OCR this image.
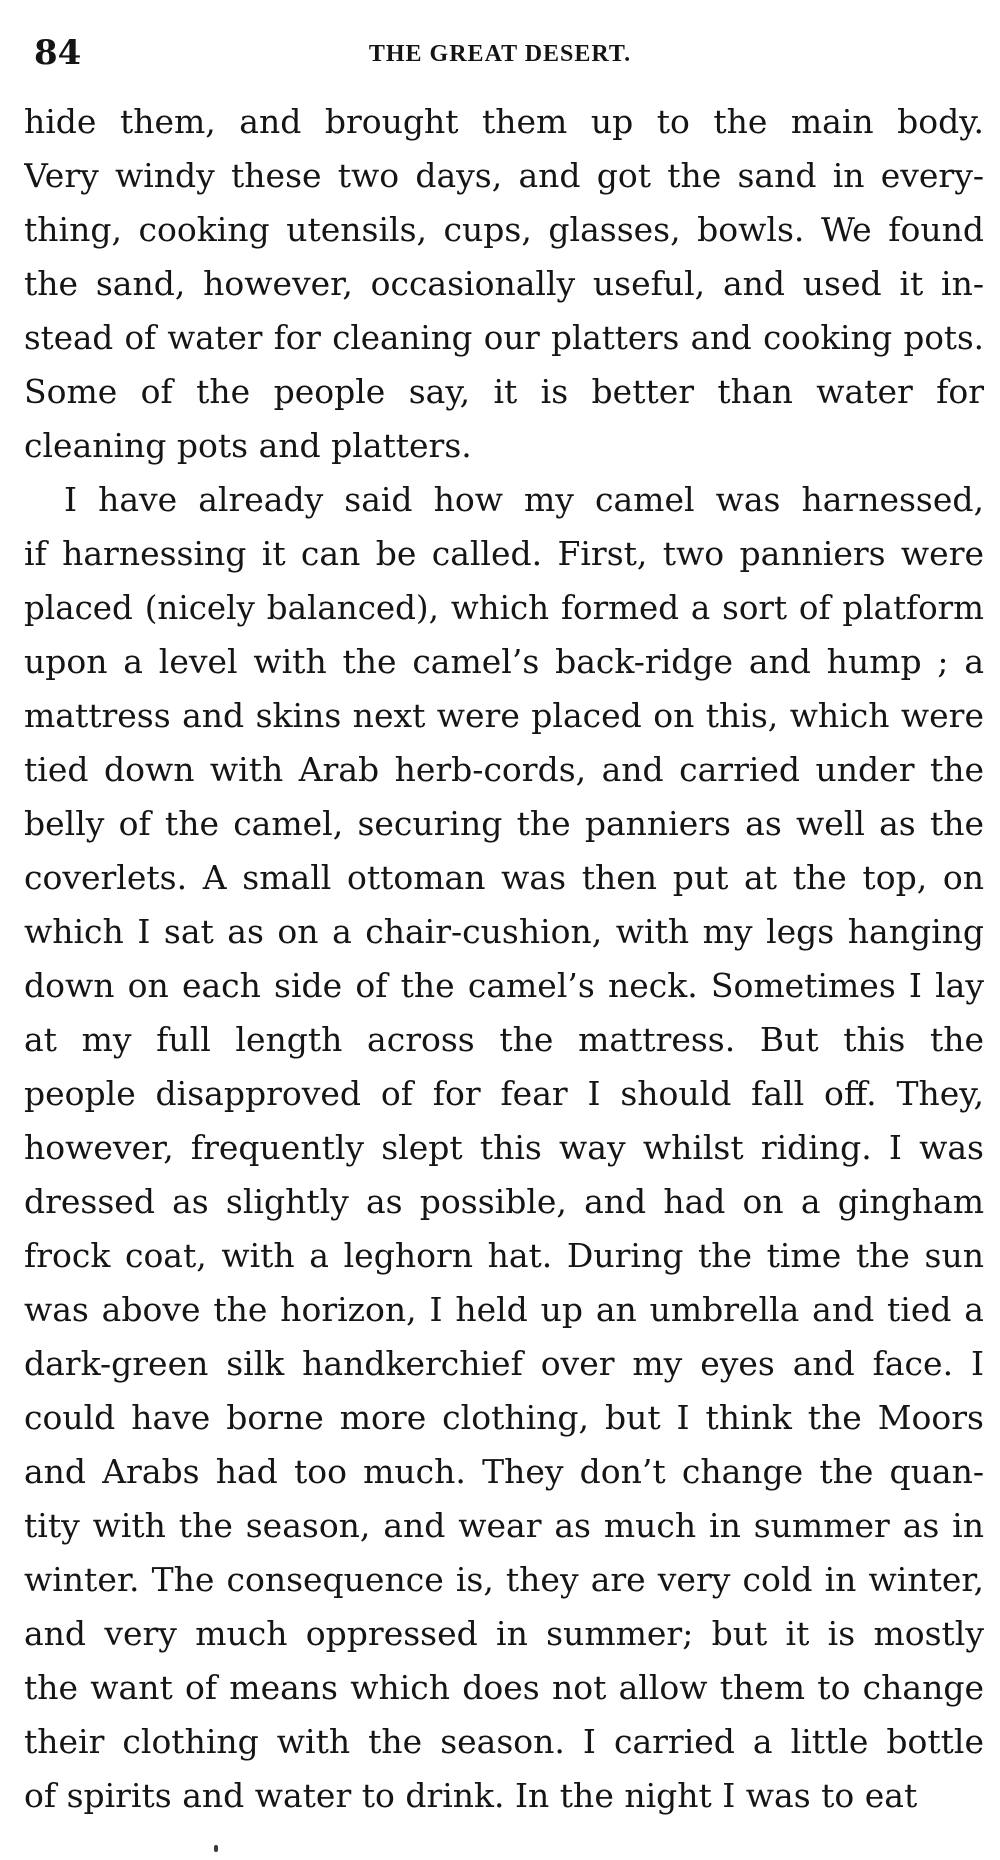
84	THE GREAT DESERT.
hide them, and brought them up to the main body.
Very windy these two days, and got the sand in every-
thing, cooking utensils, cups, glasses, bowls. We found
the sand, however, occasionally useful, and used it in-
stead of water for cleaning our platters and cooking pots.
Some of the people say, it is better than water for
cleaning pots and platters.
I have already said how my camel was harnessed,
if harnessing it can be called. First, two panniers were
placed (nicely balanced), which formed a sort of platform
upon a level with the camel’s back-ridge and hump ; a
mattress and skins next were placed on this, which were
tied down with Arab herb-cords, and carried under the
belly of the camel, securing the panniers as well as the
coverlets. A small ottoman was then put at the top, on
which I sat as on a chair-cushion, with my legs hanging
down on each side of the camel’s neck. Sometimes I lay
at my full length across the mattress. But this the
people disapproved of for fear I should fall off. They,
however, frequently slept this way whilst riding. I was
dressed as slightly as possible, and had on a gingham
frock coat, with a leghorn hat. During the time the sun
was above the horizon, I held up an umbrella and tied a
dark-green silk handkerchief over my eyes and face. I
could have borne more clothing, but I think the Moors
and Arabs had too much. They don’t change the quan-
tity with the season, and wear as much in summer as in
winter. The consequence is, they are very cold in winter,
and very much oppressed in summer; but it is mostly
the want of means which does not allow them to change
their clothing with the season. I carried a little bottle
of spirits and water to drink. In the night I was to eat
